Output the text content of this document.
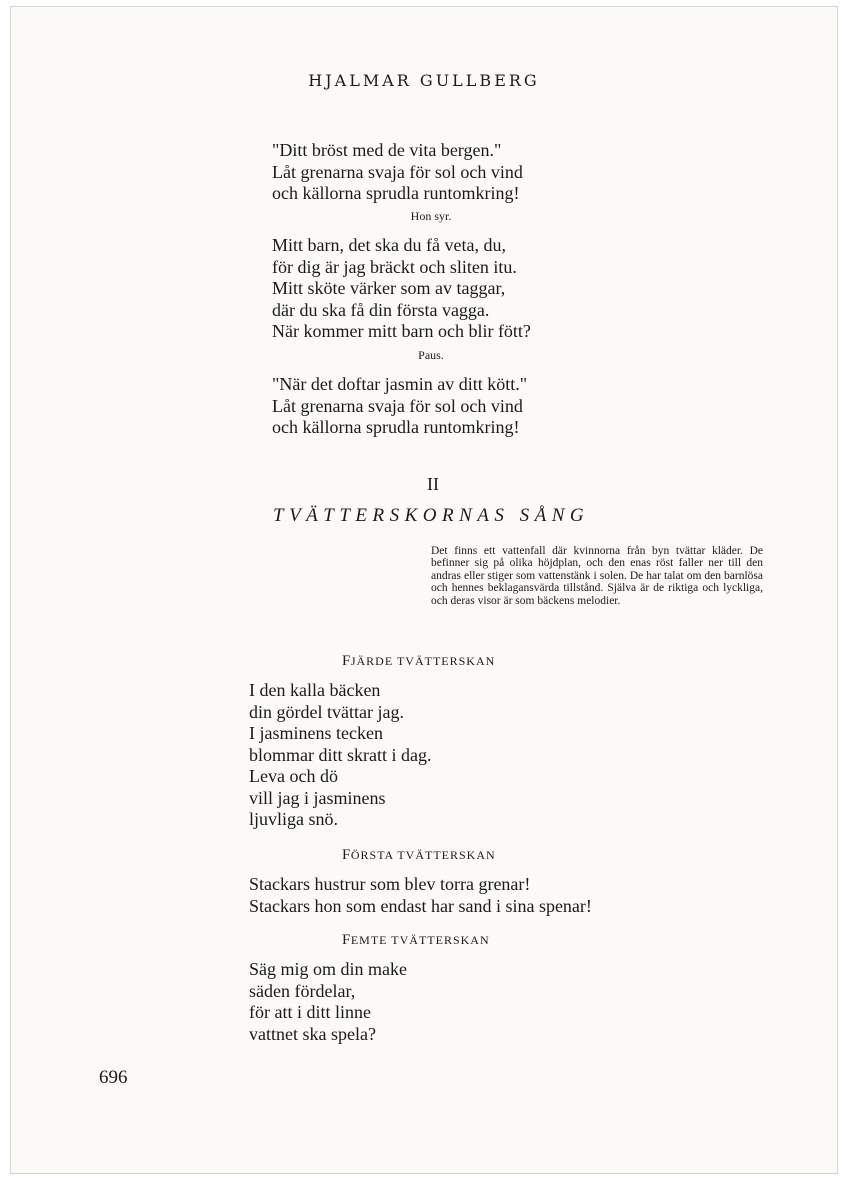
HJALMAR GULLBERG
"Ditt bröst med de vita bergen."
Låt grenarna svaja för sol och vind
och källorna sprudla runtomkring!
Hon syr.
Mitt barn, det ska du få veta, du,
för dig är jag bräckt och sliten itu.
Mitt sköte värker som av taggar,
där du ska få din första vagga.
När kommer mitt barn och blir fött?
Paus.
"När det doftar jasmin av ditt kött."
Låt grenarna svaja för sol och vind
och källorna sprudla runtomkring!
II
TVÄTTERSKORNAS SÅNG
Det finns ett vattenfall där kvinnorna från byn tvättar kläder. De befinner sig på olika höjdplan, och den enas röst faller ner till den andras eller stiger som vattenstänk i solen. De har talat om den barnlösa och hennes beklagansvärda tillstånd. Själva är de riktiga och lyckliga, och deras visor är som bäckens melodier.
FJÄRDE TVÄTTERSKAN
I den kalla bäcken
din gördel tvättar jag.
I jasminens tecken
blommar ditt skratt i dag.
Leva och dö
vill jag i jasminens
ljuvliga snö.
FÖRSTA TVÄTTERSKAN
Stackars hustrur som blev torra grenar!
Stackars hon som endast har sand i sina spenar!
FEMTE TVÄTTERSKAN
Säg mig om din make
säden fördelar,
för att i ditt linne
vattnet ska spela?
696
